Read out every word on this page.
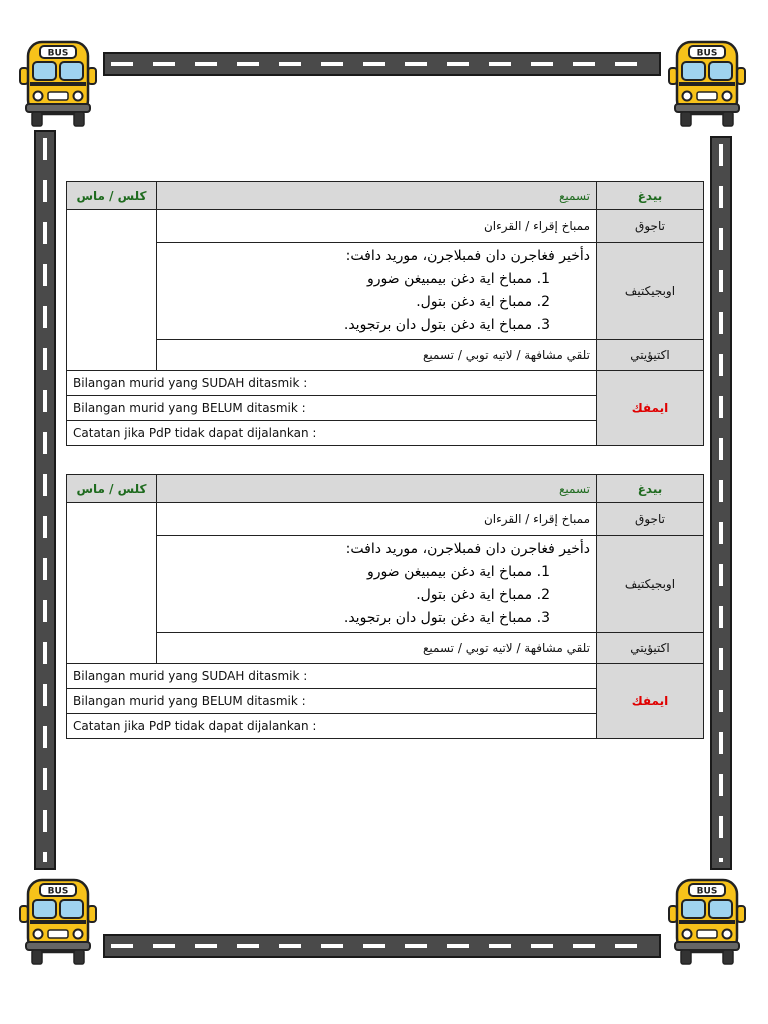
كلس / ماس	تسميع	بيدغ
	ممباخ إقراء / القرءان	تاجوق

	دأخير فغاجرن دان فمبلاجرن، موريد دافت:
1. ممباخ اية دغن بيمبيغن ضورو
2. ممباخ اية دغن بتول.
3. ممباخ اية دغن بتول دان برتجويد.	اوبجيكتيف
	تلقي مشافهة / لاتيه توبي / تسميع	اكتيؤيتي
Bilangan murid yang SUDAH ditasmik :		ايمفك
Bilangan murid yang BELUM ditasmik :		
Catatan jika PdP tidak dapat dijalankan :		
كلس / ماس	تسميع	بيدغ
	ممباخ إقراء / القرءان	تاجوق

	دأخير فغاجرن دان فمبلاجرن، موريد دافت:
1. ممباخ اية دغن بيمبيغن ضورو
2. ممباخ اية دغن بتول.
3. ممباخ اية دغن بتول دان برتجويد.	اوبجيكتيف
	تلقي مشافهة / لاتيه توبي / تسميع	اكتيؤيتي
Bilangan murid yang SUDAH ditasmik :		ايمفك
Bilangan murid yang BELUM ditasmik :		
Catatan jika PdP tidak dapat dijalankan :		
